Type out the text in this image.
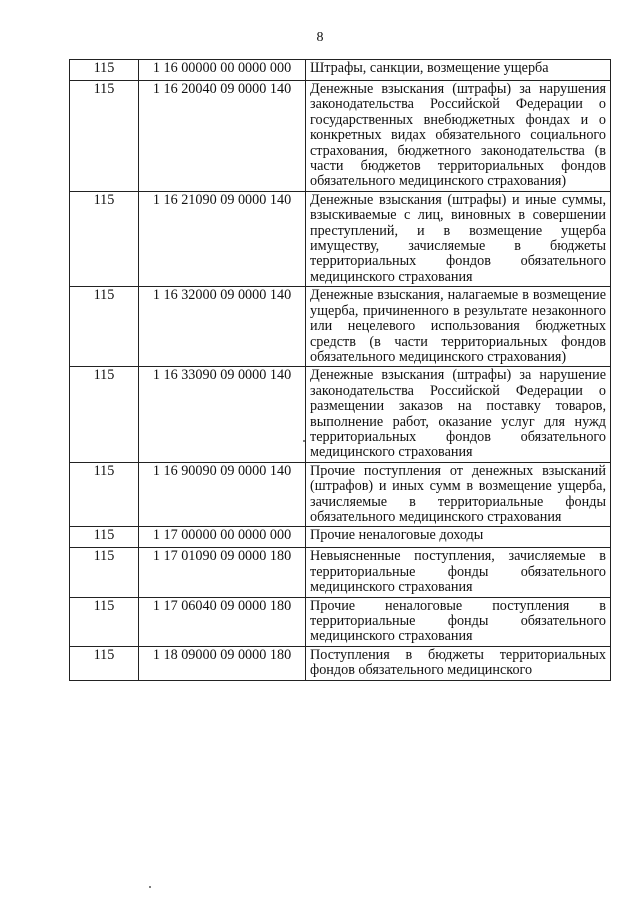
8
115	1 16 00000 00 0000 000	Штрафы, санкции, возмещение ущерба
115	1 16 20040 09 0000 140	Денежные взыскания (штрафы) за нарушения законодательства Российской Федерации о государственных внебюджетных фондах и о конкретных видах обязательного социального страхования, бюджетного законодательства (в части бюджетов территориальных фондов обязательного медицинского страхования)
115	1 16 21090 09 0000 140	Денежные взыскания (штрафы) и иные суммы, взыскиваемые с лиц, виновных в совершении преступлений, и в возмещение ущерба имуществу, зачисляемые в бюджеты территориальных фондов обязательного медицинского страхования
115	1 16 32000 09 0000 140	Денежные взыскания, налагаемые в возмещение ущерба, причиненного в результате незаконного или нецелевого использования бюджетных средств (в части территориальных фондов обязательного медицинского страхования)
115	1 16 33090 09 0000 140	Денежные взыскания (штрафы) за нарушение законодательства Российской Федерации о размещении заказов на поставку товаров, выполнение работ, оказание услуг для нужд территориальных фондов обязательного медицинского страхования
115	1 16 90090 09 0000 140	Прочие поступления от денежных взысканий (штрафов) и иных сумм в возмещение ущерба, зачисляемые в территориальные фонды обязательного медицинского страхования
115	1 17 00000 00 0000 000	Прочие неналоговые доходы
115	1 17 01090 09 0000 180	Невыясненные поступления, зачисляемые в территориальные фонды обязательного медицинского страхования
115	1 17 06040 09 0000 180	Прочие неналоговые поступления в территориальные фонды обязательного медицинского страхования
115	1 18 09000 09 0000 180	Поступления в бюджеты территориальных фондов обязательного медицинского
